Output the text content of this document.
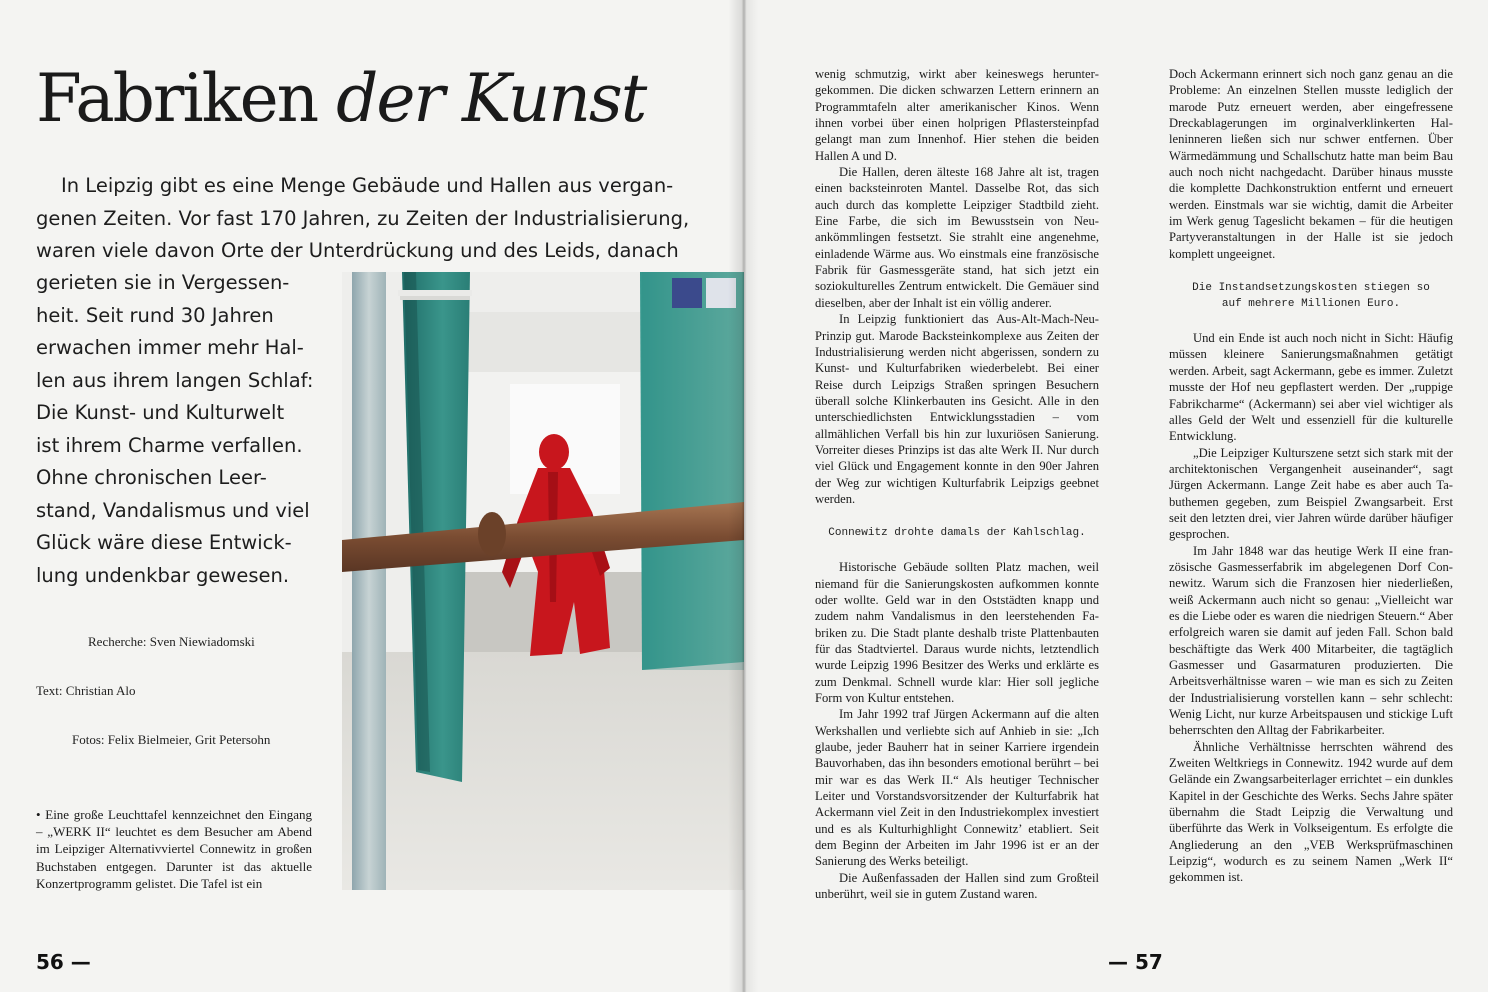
Fabriken der Kunst
In Leipzig gibt es eine Menge Gebäude und Hallen aus vergan-
genen Zeiten. Vor fast 170 Jahren, zu Zeiten der Industrialisierung,
waren viele davon Orte der Unterdrückung und des Leids, danach
gerieten sie in Vergessen-
heit. Seit rund 30 Jahren
erwachen immer mehr Hal-
len aus ihrem langen Schlaf:
Die Kunst- und Kulturwelt
ist ihrem Charme verfallen.
Ohne chronischen Leer-
stand, Vandalismus und viel
Glück wäre diese Entwick-
lung undenkbar gewesen.
Recherche: Sven Niewiadomski
Text: Christian Alo
Fotos: Felix Bielmeier, Grit Petersohn
• Eine große Leuchttafel kennzeichnet den Eingang – „WERK II“ leuchtet es dem Besucher am Abend im Leipziger Alternativviertel Connewitz in großen Buchstaben entgegen. Darunter ist das aktuelle Konzertprogramm gelistet. Die Tafel ist ein
56 —

wenig schmutzig, wirkt aber keineswegs heruntergekommen. Die dicken schwarzen Lettern erinnern an Programmtafeln alter amerikanischer Kinos. Wenn ihnen vorbei über einen holprigen Pflastersteinpfad gelangt man zum Innenhof. Hier stehen die beiden Hallen A und D.

Die Hallen, deren älteste 168 Jahre alt ist, tragen einen backsteinroten Mantel. Dasselbe Rot, das sich auch durch das komplette Leipziger Stadtbild zieht. Eine Farbe, die sich im Bewusstsein von Neuankömmlingen festsetzt. Sie strahlt eine angenehme, einladende Wärme aus. Wo einstmals eine französische Fabrik für Gasmessgeräte stand, hat sich jetzt ein soziokulturelles Zentrum entwickelt. Die Gemäuer sind dieselben, aber der Inhalt ist ein völlig anderer.

In Leipzig funktioniert das Aus-Alt-Mach-Neu-Prinzip gut. Marode Backsteinkomplexe aus Zeiten der Industrialisierung werden nicht abgerissen, sondern zu Kunst- und Kulturfabriken wiederbelebt. Bei einer Reise durch Leipzigs Straßen springen Besuchern überall solche Klinkerbauten ins Gesicht. Alle in den unterschiedlichsten Entwicklungsstadien – vom allmählichen Verfall bis hin zur luxuriösen Sanierung. Vorreiter dieses Prinzips ist das alte Werk II. Nur durch viel Glück und Engagement konnte in den 90er Jahren der Weg zur wichtigen Kulturfabrik Leipzigs geebnet werden.

Connewitz drohte damals der Kahlschlag.

Historische Gebäude sollten Platz machen, weil niemand für die Sanierungskosten aufkommen konnte oder wollte. Geld war in den Oststädten knapp und zudem nahm Vandalismus in den leerstehenden Fabriken zu. Die Stadt plante deshalb triste Plattenbauten für das Stadtviertel. Daraus wurde nichts, letztendlich wurde Leipzig 1996 Besitzer des Werks und erklärte es zum Denkmal. Schnell wurde klar: Hier soll jegliche Form von Kultur entstehen.

Im Jahr 1992 traf Jürgen Ackermann auf die alten Werkshallen und verliebte sich auf Anhieb in sie: „Ich glaube, jeder Bauherr hat in seiner Karriere irgendein Bauvorhaben, das ihn besonders emotional berührt – bei mir war es das Werk II.“ Als heutiger Technischer Leiter und Vorstandsvorsitzender der Kulturfabrik hat Ackermann viel Zeit in den Industriekomplex investiert und es als Kulturhighlight Connewitz’ etabliert. Seit dem Beginn der Arbeiten im Jahr 1996 ist er an der Sanierung des Werks beteiligt.

Die Außenfassaden der Hallen sind zum Großteil unberührt, weil sie in gutem Zustand waren.

Doch Ackermann erinnert sich noch ganz genau an die Probleme: An einzelnen Stellen musste lediglich der marode Putz erneuert werden, aber eingefressene Dreckablagerungen im orginalverklinkerten Halleninneren ließen sich nur schwer entfernen. Über Wärmedämmung und Schallschutz hatte man beim Bau auch noch nicht nachgedacht. Darüber hinaus musste die komplette Dachkonstruktion entfernt und erneuert werden. Einstmals war sie wichtig, damit die Arbeiter im Werk genug Tageslicht bekamen – für die heutigen Partyveranstaltungen in der Halle ist sie jedoch komplett ungeeignet.

Die Instandsetzungskosten stiegen so
auf mehrere Millionen Euro.

Und ein Ende ist auch noch nicht in Sicht: Häufig müssen kleinere Sanierungsmaßnahmen getätigt werden. Arbeit, sagt Ackermann, gebe es immer. Zuletzt musste der Hof neu gepflastert werden. Der „ruppige Fabrikcharme“ (Ackermann) sei aber viel wichtiger als alles Geld der Welt und essenziell für die kulturelle Entwicklung.

„Die Leipziger Kulturszene setzt sich stark mit der architektonischen Vergangenheit auseinander“, sagt Jürgen Ackermann. Lange Zeit habe es aber auch Tabuthemen gegeben, zum Beispiel Zwangsarbeit. Erst seit den letzten drei, vier Jahren würde darüber häufiger gesprochen.

Im Jahr 1848 war das heutige Werk II eine französische Gasmesserfabrik im abgelegenen Dorf Connewitz. Warum sich die Franzosen hier niederließen, weiß Ackermann auch nicht so genau: „Vielleicht war es die Liebe oder es waren die niedrigen Steuern.“ Aber erfolgreich waren sie damit auf jeden Fall. Schon bald beschäftigte das Werk 400 Mitarbeiter, die tagtäglich Gasmesser und Gasarmaturen produzierten. Die Arbeitsverhältnisse waren – wie man es sich zu Zeiten der Industrialisierung vorstellen kann – sehr schlecht: Wenig Licht, nur kurze Arbeitspausen und stickige Luft beherrschten den Alltag der Fabrikarbeiter.

Ähnliche Verhältnisse herrschten während des Zweiten Weltkriegs in Connewitz. 1942 wurde auf dem Gelände ein Zwangsarbeiterlager errichtet – ein dunkles Kapitel in der Geschichte des Werks. Sechs Jahre später übernahm die Stadt Leipzig die Verwaltung und überführte das Werk in Volkseigentum. Es erfolgte die Angliederung an den „VEB Werksprüfmaschinen Leipzig“, wodurch es zu seinem Namen „Werk II“ gekommen ist.

— 57
